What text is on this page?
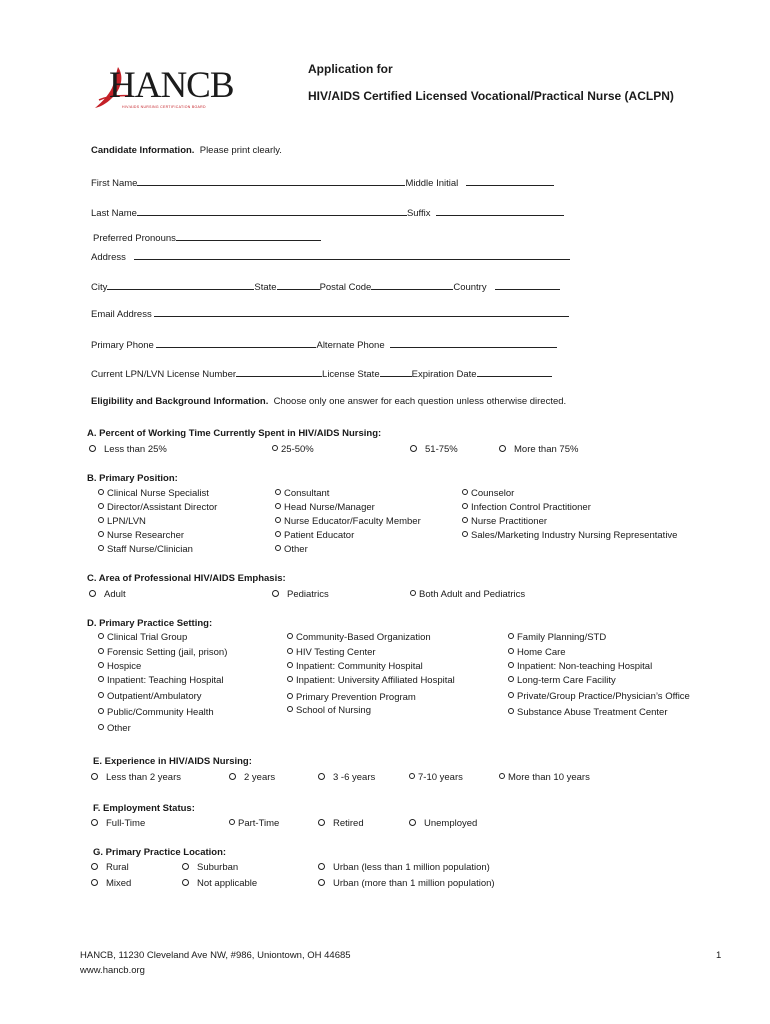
HANCB
HIV/AIDS NURSING CERTIFICATION BOARD
Application for
HIV/AIDS Certified Licensed Vocational/Practical Nurse (ACLPN)
Candidate Information. Please print clearly.
First Name	Middle Initial
Last Name	Suffix
Preferred Pronouns
Address
City	State	Postal Code	Country
Email Address
Primary Phone	Alternate Phone
Current LPN/LVN License Number	License State	Expiration Date
Eligibility and Background Information. Choose only one answer for each question unless otherwise directed.
A. Percent of Working Time Currently Spent in HIV/AIDS Nursing:
Less than 25%	25-50%	51-75%	More than 75%
B. Primary Position:
Clinical Nurse Specialist
Director/Assistant Director
LPN/LVN
Nurse Researcher
Staff Nurse/Clinician
Consultant
Head Nurse/Manager
Nurse Educator/Faculty Member
Patient Educator
Other
Counselor
Infection Control Practitioner
Nurse Practitioner
Sales/Marketing Industry Nursing Representative
C. Area of Professional HIV/AIDS Emphasis:
Adult	Pediatrics	Both Adult and Pediatrics
D. Primary Practice Setting:
Clinical Trial Group
Forensic Setting (jail, prison)
Hospice
Inpatient: Teaching Hospital
Outpatient/Ambulatory
Public/Community Health
Other
Community-Based Organization
HIV Testing Center
Inpatient: Community Hospital
Inpatient: University Affiliated Hospital
Primary Prevention Program
School of Nursing
Family Planning/STD
Home Care
Inpatient: Non-teaching Hospital
Long-term Care Facility
Private/Group Practice/Physician’s Office
Substance Abuse Treatment Center
E. Experience in HIV/AIDS Nursing:
Less than 2 years	2 years	3 -6 years	7-10 years	More than 10 years
F. Employment Status:
Full-Time	Part-Time	Retired	Unemployed
G. Primary Practice Location:
Rural
Mixed
Suburban
Not applicable
Urban (less than 1 million population)
Urban (more than 1 million population)
HANCB, 11230 Cleveland Ave NW, #986, Uniontown, OH 44685
www.hancb.org
1
